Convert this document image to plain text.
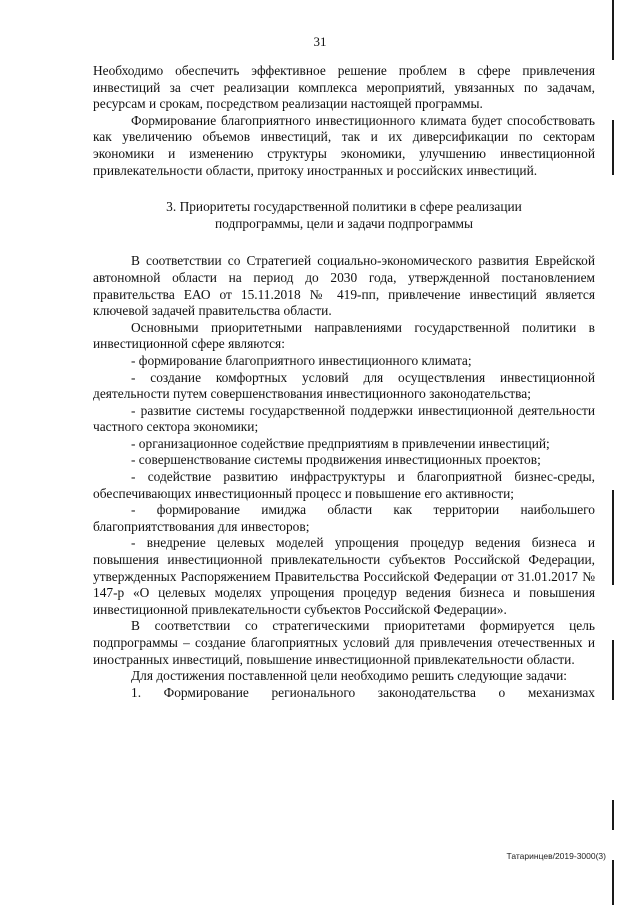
31

Необходимо обеспечить эффективное решение проблем в сфере привлечения инвестиций за счет реализации комплекса мероприятий, увязанных по задачам, ресурсам и срокам, посредством реализации настоящей программы.

Формирование благоприятного инвестиционного климата будет способствовать как увеличению объемов инвестиций, так и их диверсификации по секторам экономики и изменению структуры экономики, улучшению инвестиционной привлекательности области, притоку иностранных и российских инвестиций.

3. Приоритеты государственной политики в сфере реализации
подпрограммы, цели и задачи подпрограммы

В соответствии со Стратегией социально-экономического развития Еврейской автономной области на период до 2030 года, утвержденной постановлением правительства ЕАО от 15.11.2018 № 419-пп, привлечение инвестиций является ключевой задачей правительства области.

Основными приоритетными направлениями государственной политики в инвестиционной сфере являются:

- формирование благоприятного инвестиционного климата;

- создание комфортных условий для осуществления инвестиционной деятельности путем совершенствования инвестиционного законодательства;

- развитие системы государственной поддержки инвестиционной деятельности частного сектора экономики;

- организационное содействие предприятиям в привлечении инвестиций;

- совершенствование системы продвижения инвестиционных проектов;

- содействие развитию инфраструктуры и благоприятной бизнес-среды, обеспечивающих инвестиционный процесс и повышение его активности;

- формирование имиджа области как территории наибольшего благоприятствования для инвесторов;

- внедрение целевых моделей упрощения процедур ведения бизнеса и повышения инвестиционной привлекательности субъектов Российской Федерации, утвержденных Распоряжением Правительства Российской Федерации от 31.01.2017 № 147-р «О целевых моделях упрощения процедур ведения бизнеса и повышения инвестиционной привлекательности субъектов Российской Федерации».

В соответствии со стратегическими приоритетами формируется цель подпрограммы – создание благоприятных условий для привлечения отечественных и иностранных инвестиций, повышение инвестиционной привлекательности области.

Для достижения поставленной цели необходимо решить следующие задачи:

1. Формирование регионального законодательства о механизмах

Татаринцев/2019-3000(3)
